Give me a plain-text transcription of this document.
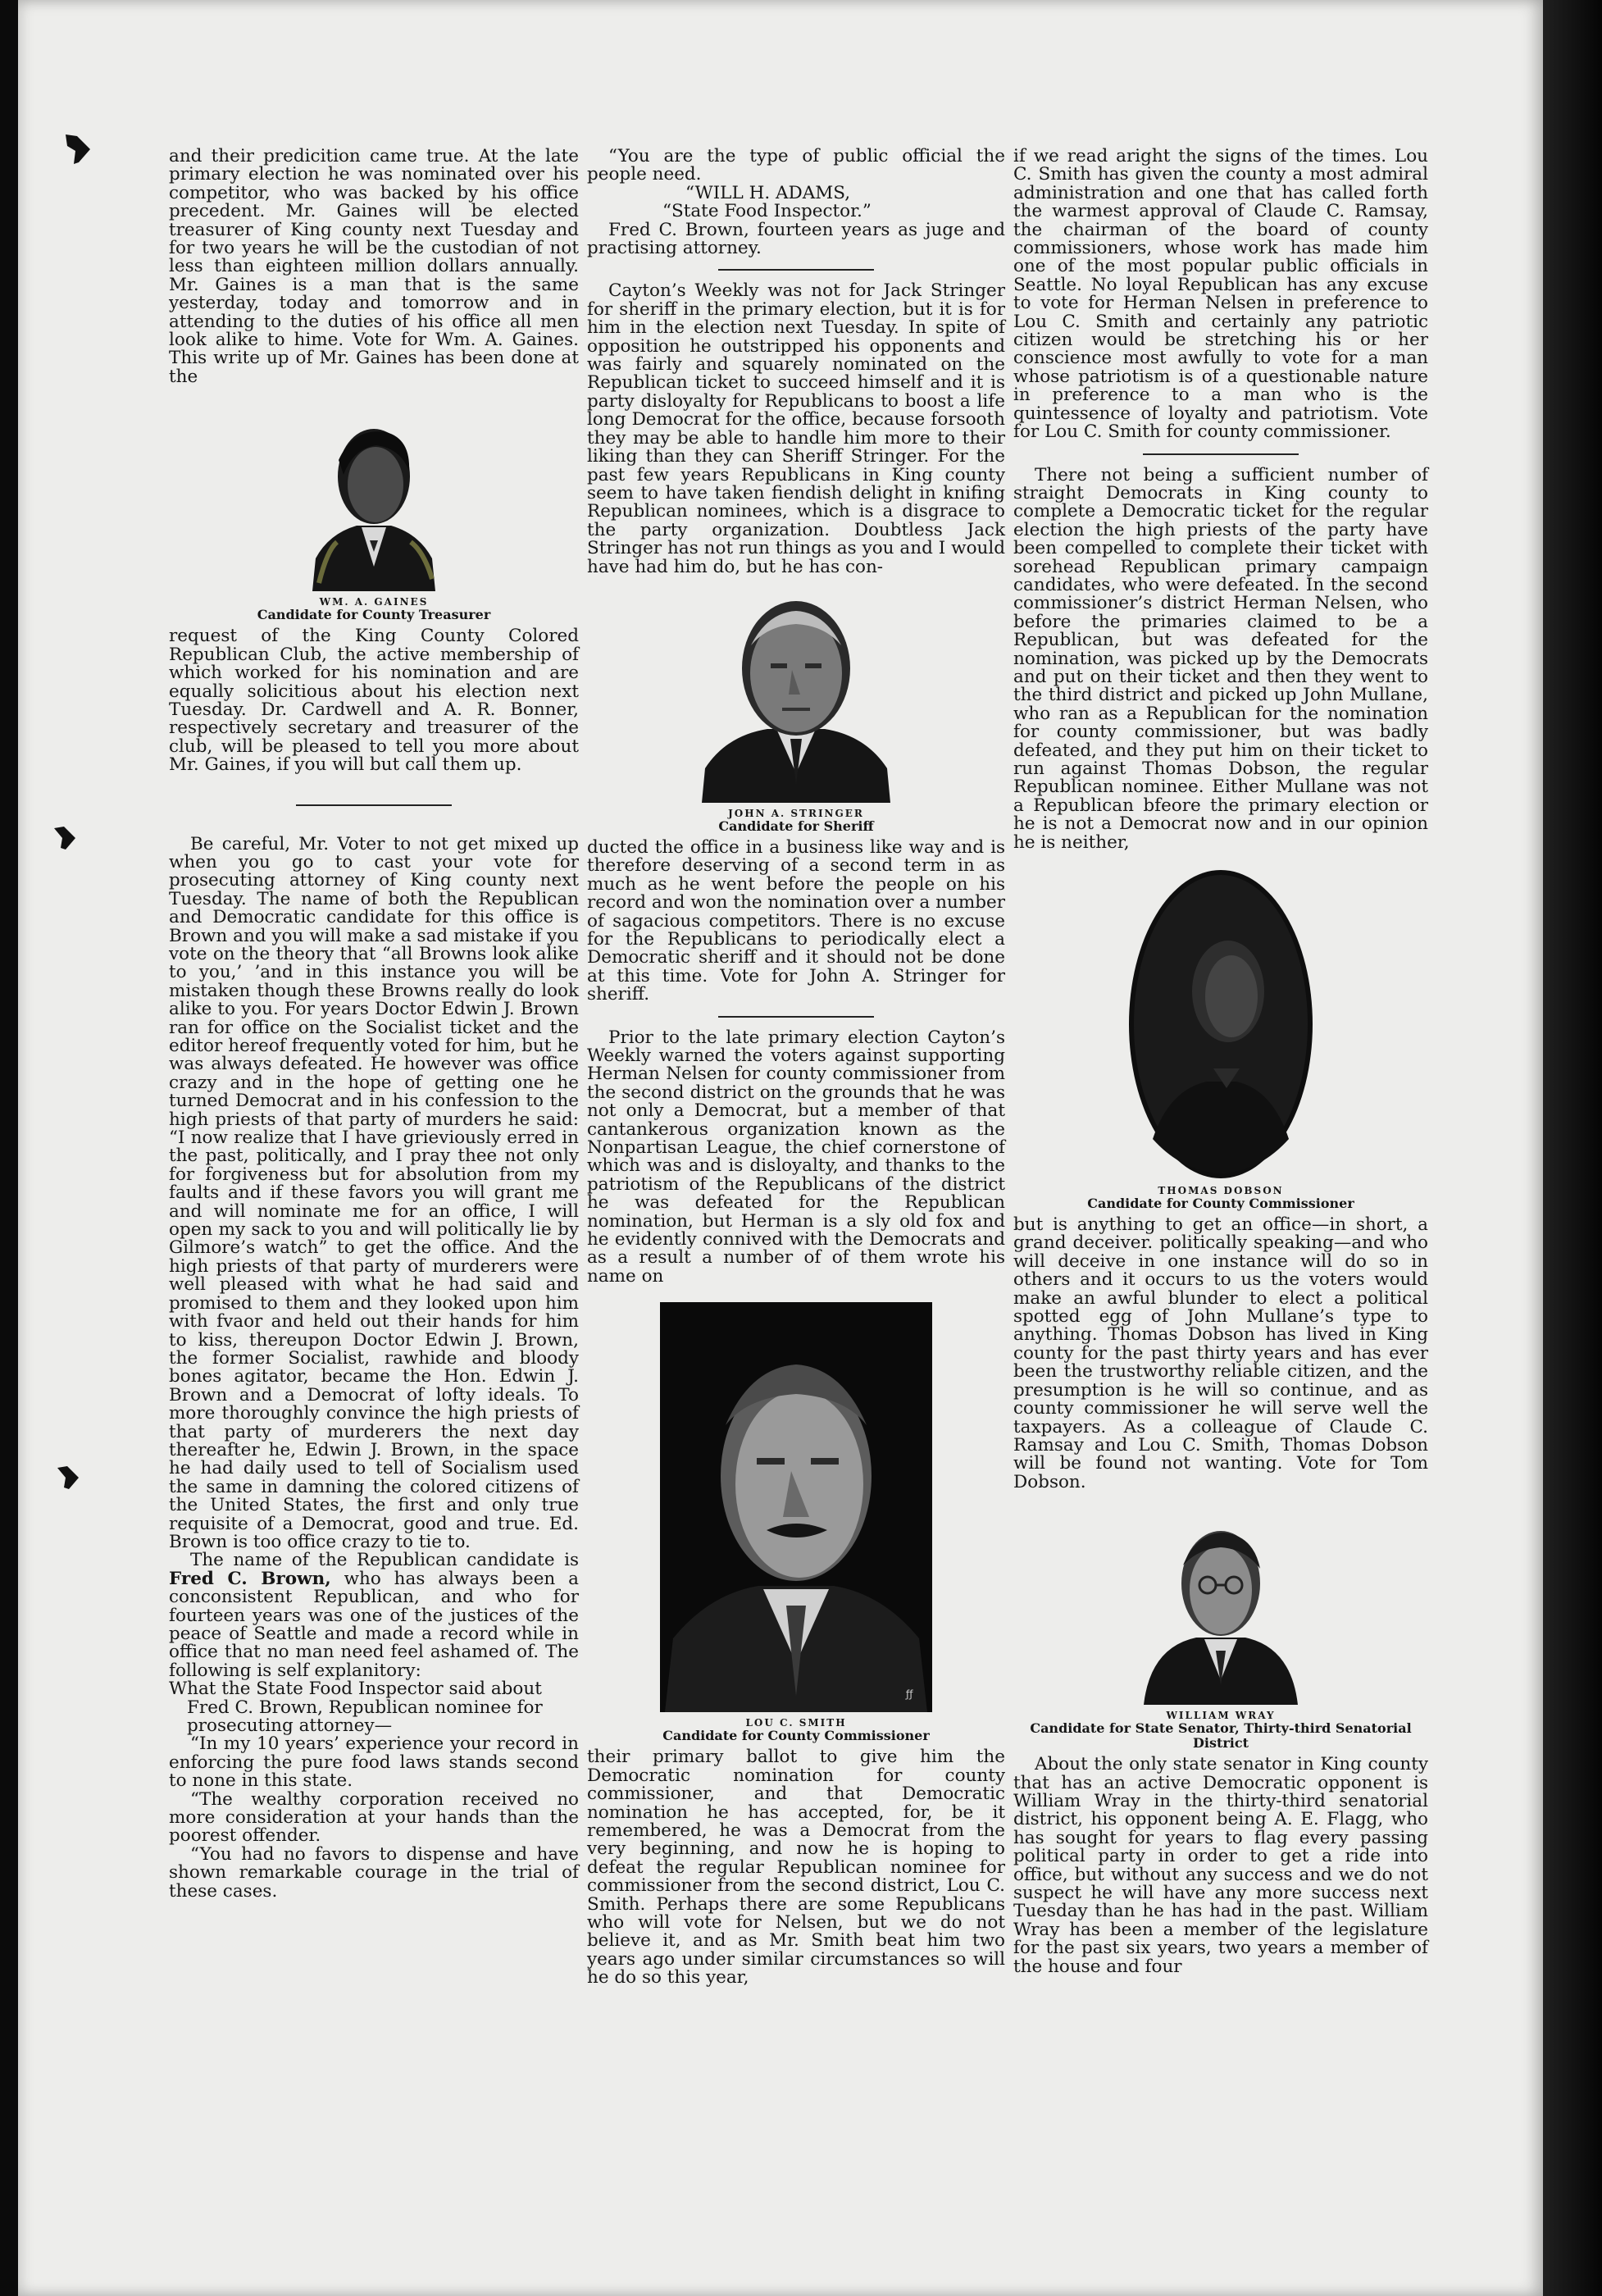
and their predicition came true. At the late primary election he was nominated over his competitor, who was backed by his office precedent. Mr. Gaines will be elected treasurer of King county next Tuesday and for two years he will be the custodian of not less than eighteen million dollars annually. Mr. Gaines is a man that is the same yesterday, today and tomorrow and in attending to the duties of his office all men look alike to hime. Vote for Wm. A. Gaines. This write up of Mr. Gaines has been done at the

WM. A. GAINES
Candidate for County Treasurer

request of the King County Colored Republican Club, the active membership of which worked for his nomination and are equally solicitious about his election next Tuesday. Dr. Cardwell and A. R. Bonner, respectively secretary and treasurer of the club, will be pleased to tell you more about Mr. Gaines, if you will but call them up.

Be careful, Mr. Voter to not get mixed up when you go to cast your vote for prosecuting attorney of King county next Tuesday. The name of both the Republican and Democratic candidate for this office is Brown and you will make a sad mistake if you vote on the theory that “all Browns look alike to you,’ ’and in this instance you will be mistaken though these Browns really do look alike to you. For years Doctor Edwin J. Brown ran for office on the Socialist ticket and the editor hereof frequently voted for him, but he was always defeated. He however was office crazy and in the hope of getting one he turned Democrat and in his confession to the high priests of that party of murders he said: “I now realize that I have grieviously erred in the past, politically, and I pray thee not only for forgiveness but for absolution from my faults and if these favors you will grant me and will nominate me for an office, I will open my sack to you and will politically lie by Gilmore’s watch” to get the office. And the high priests of that party of murderers were well pleased with what he had said and promised to them and they looked upon him with fvaor and held out their hands for him to kiss, thereupon Doctor Edwin J. Brown, the former Socialist, rawhide and bloody bones agitator, became the Hon. Edwin J. Brown and a Democrat of lofty ideals. To more thoroughly convince the high priests of that party of murderers the next day thereafter he, Edwin J. Brown, in the space he had daily used to tell of Socialism used the same in damning the colored citizens of the United States, the first and only true requisite of a Democrat, good and true. Ed. Brown is too office crazy to tie to.

The name of the Republican candidate is Fred C. Brown, who has always been a conconsistent Republican, and who for fourteen years was one of the justices of the peace of Seattle and made a record while in office that no man need feel ashamed of. The following is self explanitory:

What the State Food Inspector said about Fred C. Brown, Republican nominee for prosecuting attorney—

“In my 10 years’ experience your record in enforcing the pure food laws stands second to none in this state.

“The wealthy corporation received no more consideration at your hands than the poorest offender.

“You had no favors to dispense and have shown remarkable courage in the trial of these cases.

“You are the type of public official the people need.

“WILL H. ADAMS,

“State Food Inspector.”

Fred C. Brown, fourteen years as juge and practising attorney.

Cayton’s Weekly was not for Jack Stringer for sheriff in the primary election, but it is for him in the election next Tuesday. In spite of opposition he outstripped his opponents and was fairly and squarely nominated on the Republican ticket to succeed himself and it is party disloyalty for Republicans to boost a life long Democrat for the office, because forsooth they may be able to handle him more to their liking than they can Sheriff Stringer. For the past few years Republicans in King county seem to have taken fiendish delight in knifing Republican nominees, which is a disgrace to the party organization. Doubtless Jack Stringer has not run things as you and I would have had him do, but he has con-

JOHN A. STRINGER
Candidate for Sheriff

ducted the office in a business like way and is therefore deserving of a second term in as much as he went before the people on his record and won the nomination over a number of sagacious competitors. There is no excuse for the Republicans to periodically elect a Democratic sheriff and it should not be done at this time. Vote for John A. Stringer for sheriff.

Prior to the late primary election Cayton’s Weekly warned the voters against supporting Herman Nelsen for county commissioner from the second district on the grounds that he was not only a Democrat, but a member of that cantankerous organization known as the Nonpartisan League, the chief cornerstone of which was and is disloyalty, and thanks to the patriotism of the Republicans of the district he was defeated for the Republican nomination, but Herman is a sly old fox and he evidently connived with the Democrats and as a result a number of of them wrote his name on

ƒƒ
LOU C. SMITH
Candidate for County Commissioner

their primary ballot to give him the Democratic nomination for county commissioner, and that Democratic nomination he has accepted, for, be it remembered, he was a Democrat from the very beginning, and now he is hoping to defeat the regular Republican nominee for commissioner from the second district, Lou C. Smith. Perhaps there are some Republicans who will vote for Nelsen, but we do not believe it, and as Mr. Smith beat him two years ago under similar circumstances so will he do so this year,

if we read aright the signs of the times. Lou C. Smith has given the county a most admiral administration and one that has called forth the warmest approval of Claude C. Ramsay, the chairman of the board of county commissioners, whose work has made him one of the most popular public officials in Seattle. No loyal Republican has any excuse to vote for Herman Nelsen in preference to Lou C. Smith and certainly any patriotic citizen would be stretching his or her conscience most awfully to vote for a man whose patriotism is of a questionable nature in preference to a man who is the quintessence of loyalty and patriotism. Vote for Lou C. Smith for county commissioner.

There not being a sufficient number of straight Democrats in King county to complete a Democratic ticket for the regular election the high priests of the party have been compelled to complete their ticket with sorehead Republican primary campaign candidates, who were defeated. In the second commissioner’s district Herman Nelsen, who before the primaries claimed to be a Republican, but was defeated for the nomination, was picked up by the Democrats and put on their ticket and then they went to the third district and picked up John Mullane, who ran as a Republican for the nomination for county commissioner, but was badly defeated, and they put him on their ticket to run against Thomas Dobson, the regular Republican nominee. Either Mullane was not a Republican bfeore the primary election or he is not a Democrat now and in our opinion he is neither,

THOMAS DOBSON
Candidate for County Commissioner

but is anything to get an office—in short, a grand deceiver. politically speaking—and who will deceive in one instance will do so in others and it occurs to us the voters would make an awful blunder to elect a political spotted egg of John Mullane’s type to anything. Thomas Dobson has lived in King county for the past thirty years and has ever been the trustworthy reliable citizen, and the presumption is he will so continue, and as county commissioner he will serve well the taxpayers. As a colleague of Claude C. Ramsay and Lou C. Smith, Thomas Dobson will be found not wanting. Vote for Tom Dobson.

WILLIAM WRAY
Candidate for State Senator, Thirty-third Senatorial District

About the only state senator in King county that has an active Democratic opponent is William Wray in the thirty-third senatorial district, his opponent being A. E. Flagg, who has sought for years to flag every passing political party in order to get a ride into office, but without any success and we do not suspect he will have any more success next Tuesday than he has had in the past. William Wray has been a member of the legislature for the past six years, two years a member of the house and four
